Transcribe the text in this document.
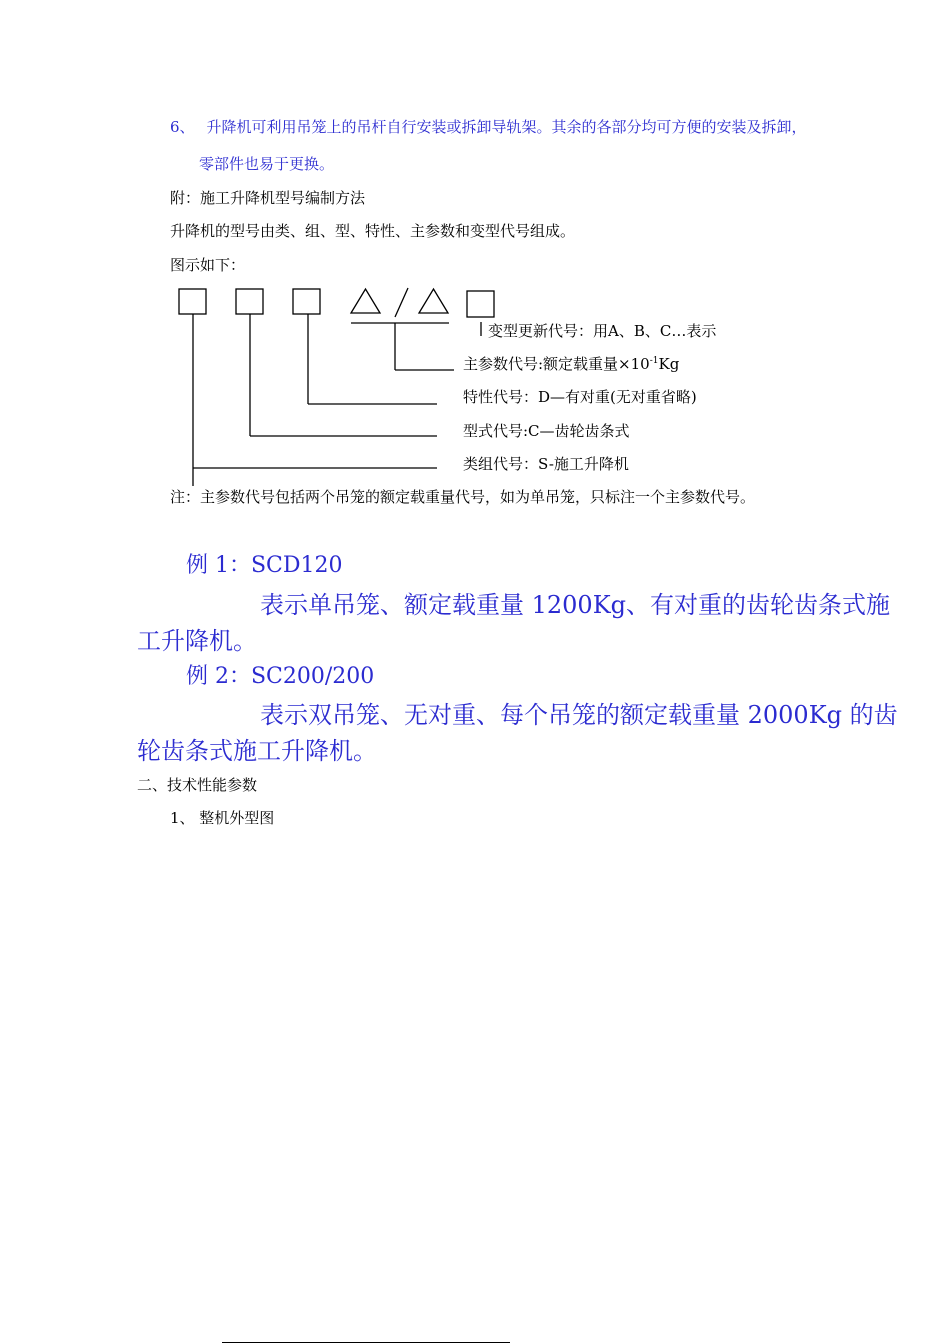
6、 升降机可利用吊笼上的吊杆自行安装或拆卸导轨架。其余的各部分均可方便的安装及拆卸，
零部件也易于更换。
附：施工升降机型号编制方法
升降机的型号由类、组、型、特性、主参数和变型代号组成。
图示如下：
变型更新代号：用A、B、C…表示
主参数代号:额定载重量$\times 10^{-1}Kg$
特性代号：D—有对重(无对重省略)
型式代号:C—齿轮齿条式
类组代号：S-施工升降机
注：主参数代号包括两个吊笼的额定载重量代号，如为单吊笼，只标注一个主参数代号。
例 1：SCD120
表示单吊笼、额定载重量 1200Kg、有对重的齿轮齿条式施
工升降机。
例 2：SC200/200
表示双吊笼、无对重、每个吊笼的额定载重量 2000Kg 的齿
轮齿条式施工升降机。
二、技术性能参数
1、 整机外型图
